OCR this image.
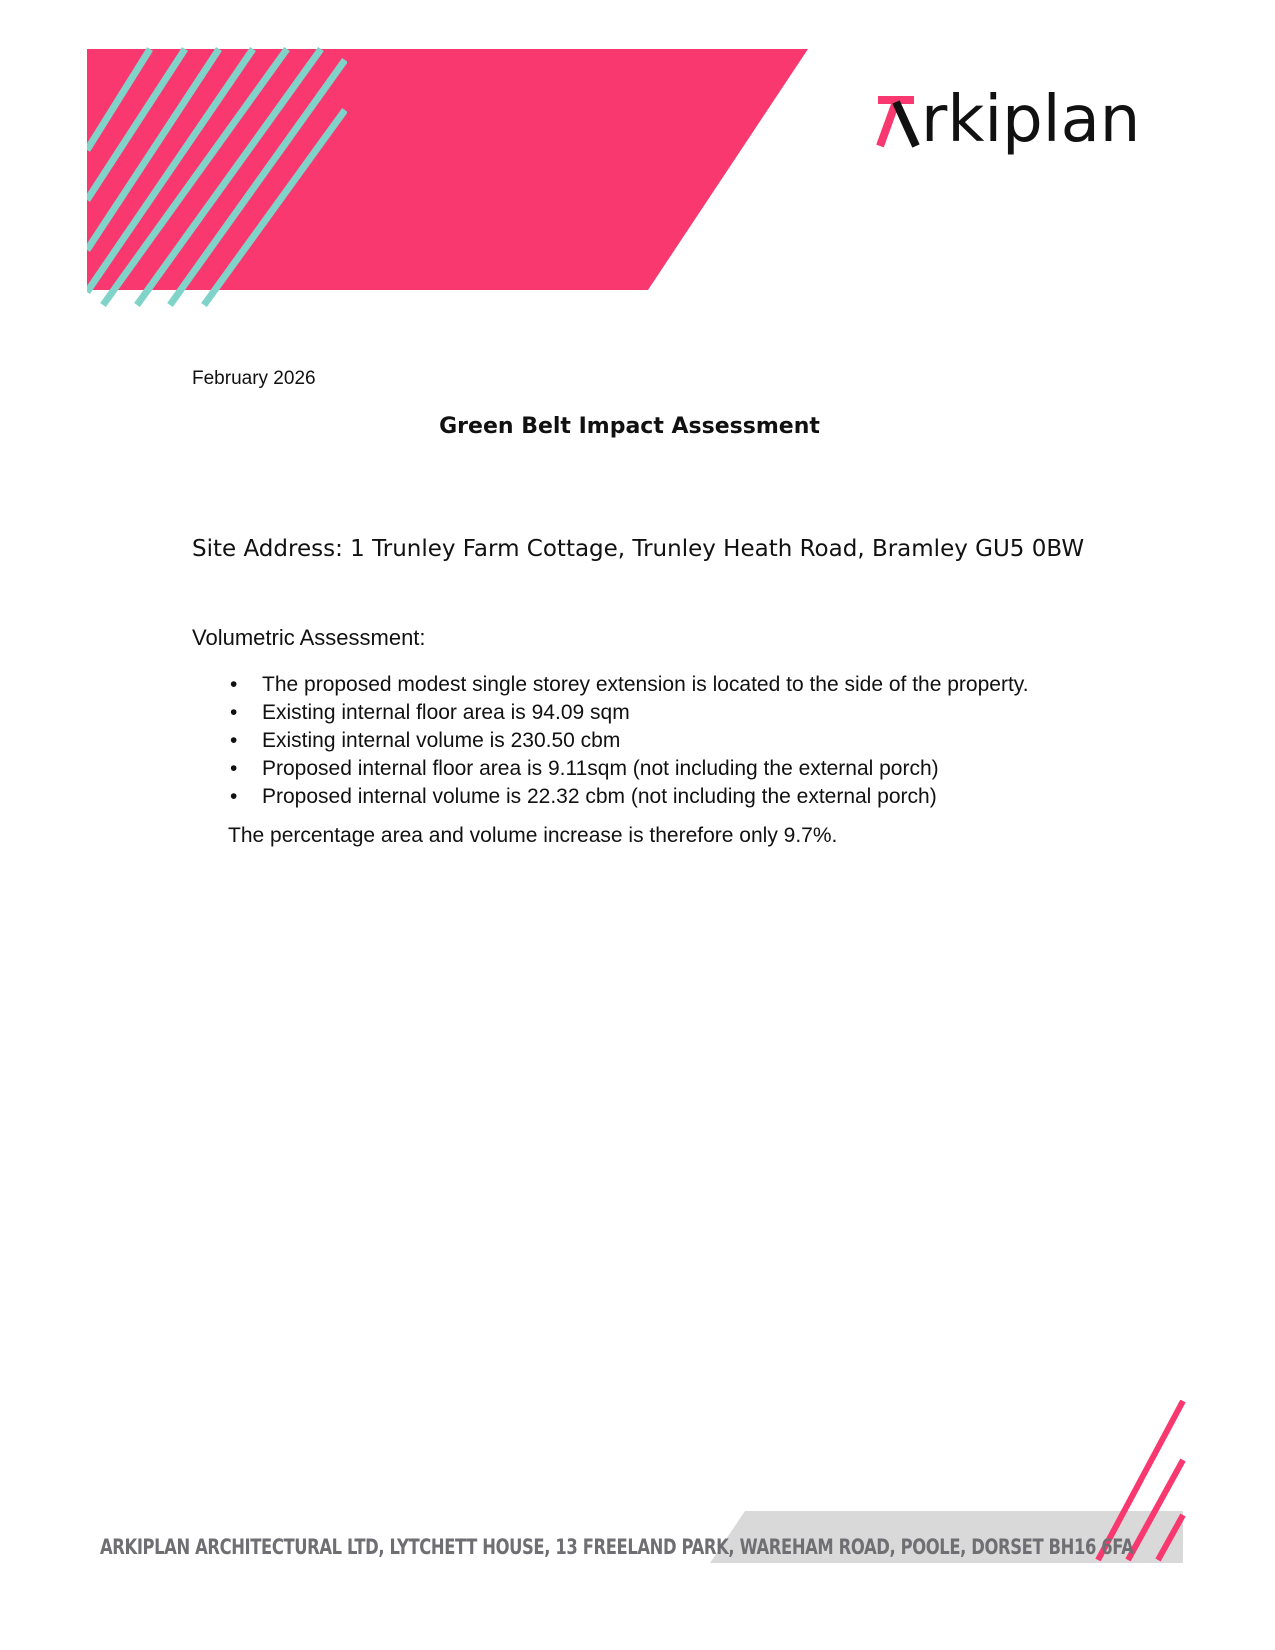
rkiplan
February 2026
Green Belt Impact Assessment
Site Address: 1 Trunley Farm Cottage, Trunley Heath Road, Bramley GU5 0BW
Volumetric Assessment:
• The proposed modest single storey extension is located to the side of the property.
• Existing internal floor area is 94.09 sqm
• Existing internal volume is 230.50 cbm
• Proposed internal floor area is 9.11sqm (not including the external porch)
• Proposed internal volume is 22.32 cbm (not including the external porch)
The percentage area and volume increase is therefore only 9.7%.
ARKIPLAN ARCHITECTURAL LTD, LYTCHETT HOUSE, 13 FREELAND PARK, WAREHAM ROAD, POOLE, DORSET BH16 6FA
